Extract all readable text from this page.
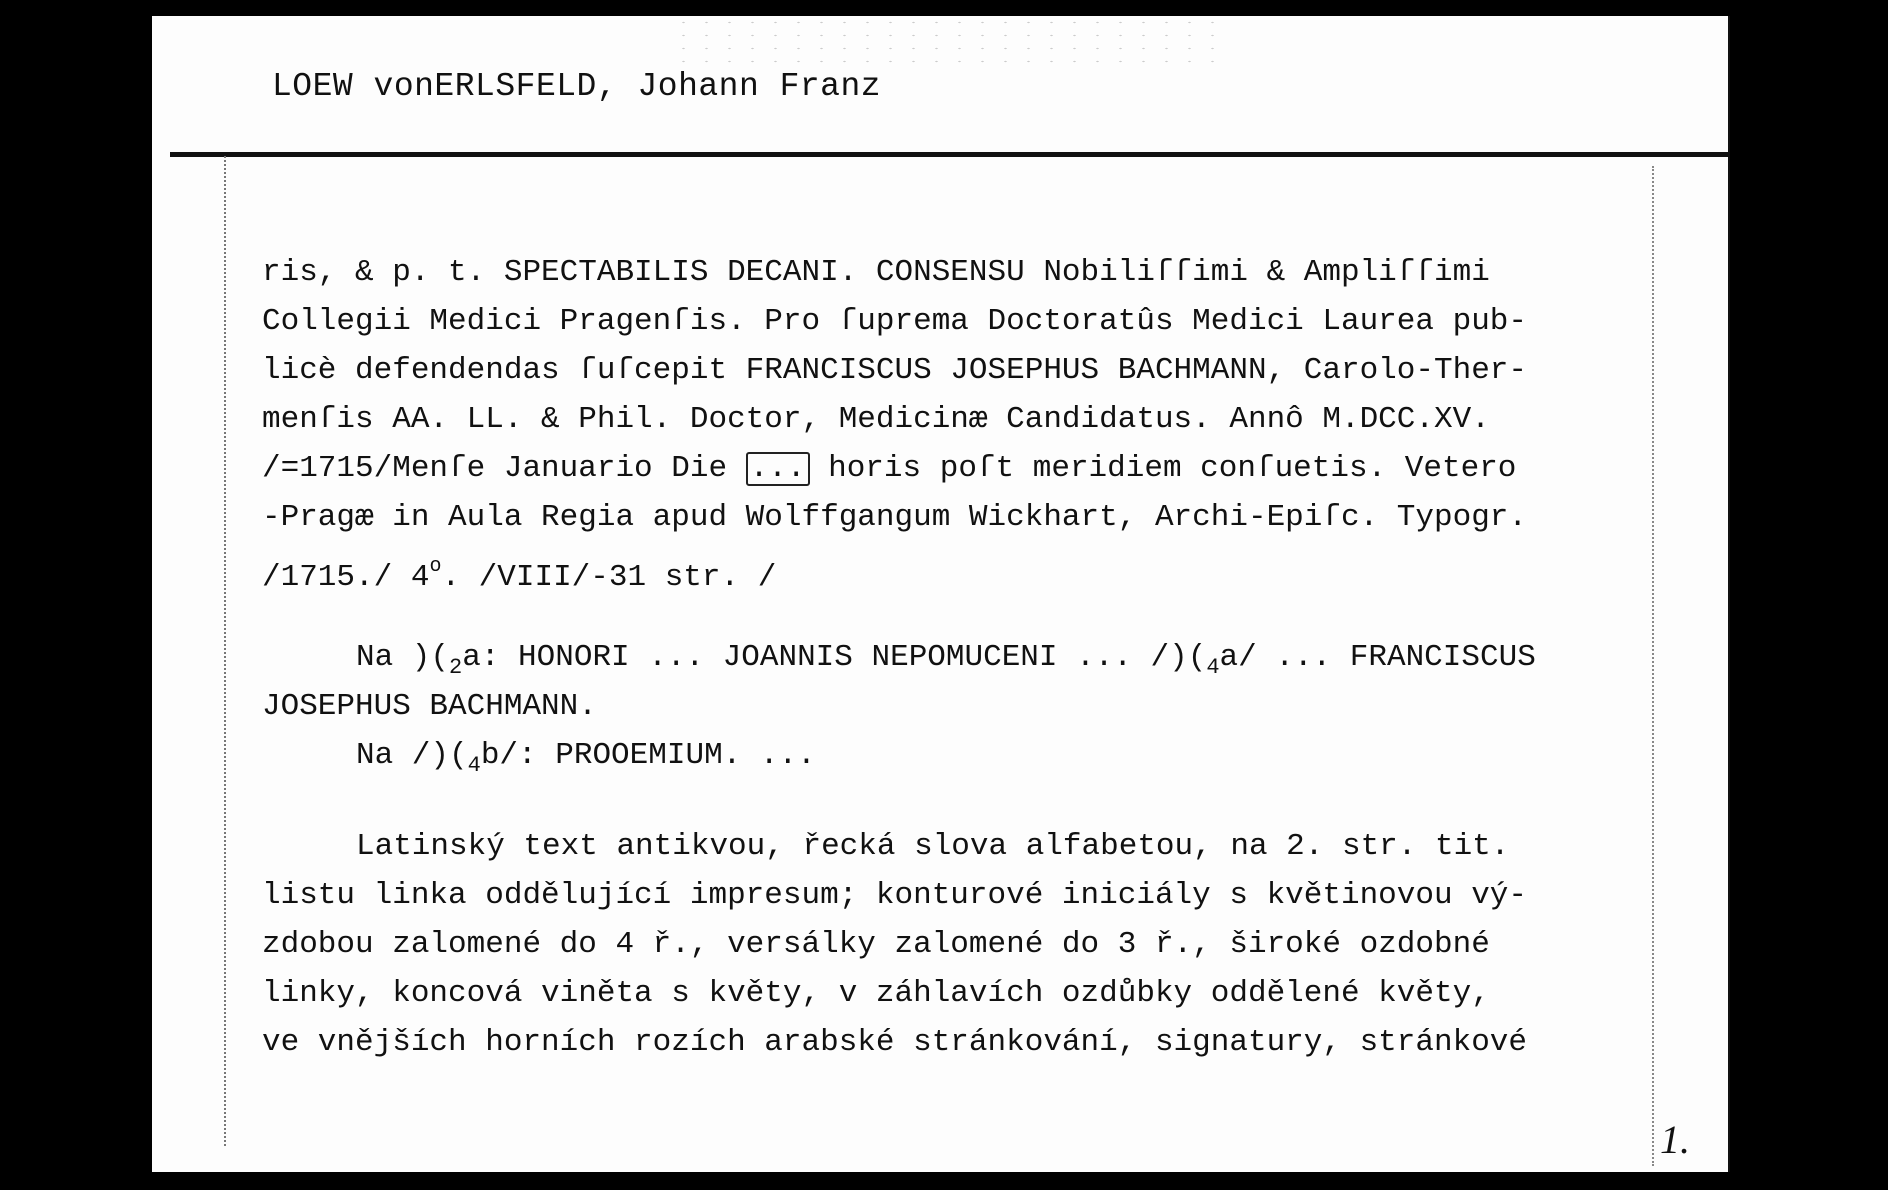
LOEW vonERLSFELD, Johann Franz
ris, & p. t. SPECTABILIS DECANI. CONSENSU Nobiliſſimi & Ampliſſimi
Collegii Medici Pragenſis. Pro ſuprema Doctoratûs Medici Laurea pub-
licè defendendas ſuſcepit FRANCISCUS JOSEPHUS BACHMANN, Carolo-Ther-
menſis AA. LL. & Phil. Doctor, Medicinæ Candidatus. Annô M.DCC.XV.
/=1715/Menſe Januario Die ... horis poſt meridiem conſuetis. Vetero
-Pragæ in Aula Regia apud Wolffgangum Wickhart, Archi-Epiſc. Typogr.
/1715./ 4$^o$. /VIII/-31 str. /
Na )($_2a$: HONORI ... JOANNIS NEPOMUCENI ... $/)(_4a/$ ... FRANCISCUS
JOSEPHUS BACHMANN.
Na $/)(_4b/$: PROOEMIUM. ...
Latinský text antikvou, řecká slova alfabetou, na 2. str. tit.
listu linka oddělující impresum; konturové iniciály s květinovou vý-
zdobou zalomené do 4 ř., versálky zalomené do 3 ř., široké ozdobné
linky, koncová viněta s květy, v záhlavích ozdůbky oddělené květy,
ve vnějších horních rozích arabské stránkování, signatury, stránkové
1.
